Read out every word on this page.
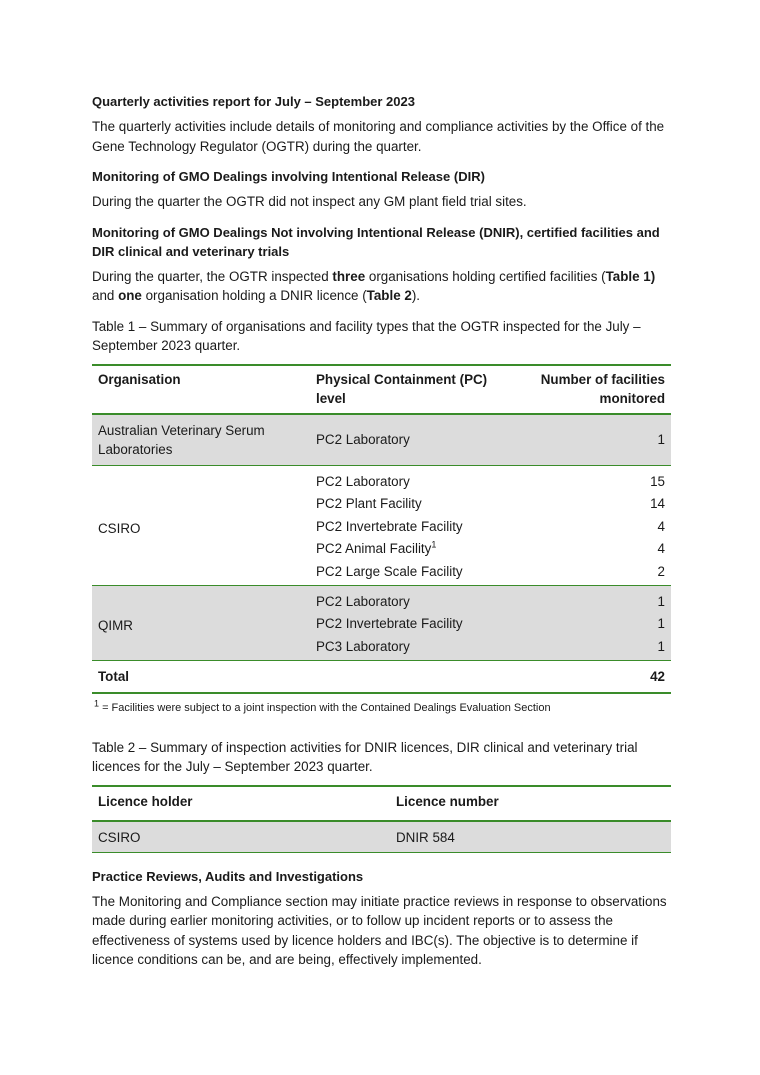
Quarterly activities report for July – September 2023

The quarterly activities include details of monitoring and compliance activities by the Office of the Gene Technology Regulator (OGTR) during the quarter.

Monitoring of GMO Dealings involving Intentional Release (DIR)

During the quarter the OGTR did not inspect any GM plant field trial sites.

Monitoring of GMO Dealings Not involving Intentional Release (DNIR), certified facilities and DIR clinical and veterinary trials

During the quarter, the OGTR inspected three organisations holding certified facilities (Table 1) and one organisation holding a DNIR licence (Table 2).

Table 1 – Summary of organisations and facility types that the OGTR inspected for the July – September 2023 quarter.
Organisation	Physical Containment (PC) level	Number of facilities monitored
Australian Veterinary Serum Laboratories	PC2 Laboratory	1
CSIRO	PC2 Laboratory	15
	PC2 Plant Facility	14
	PC2 Invertebrate Facility	4
	PC2 Animal Facility$^1$	4
	PC2 Large Scale Facility	2
QIMR	PC2 Laboratory	1
	PC2 Invertebrate Facility	1
	PC3 Laboratory	1
Total		42
$^1$ = Facilities were subject to a joint inspection with the Contained Dealings Evaluation Section
Table 2 – Summary of inspection activities for DNIR licences, DIR clinical and veterinary trial licences for the July – September 2023 quarter.
Licence holder	Licence number
CSIRO	DNIR 584
Practice Reviews, Audits and Investigations

The Monitoring and Compliance section may initiate practice reviews in response to observations made during earlier monitoring activities, or to follow up incident reports or to assess the effectiveness of systems used by licence holders and IBC(s). The objective is to determine if licence conditions can be, and are being, effectively implemented.
